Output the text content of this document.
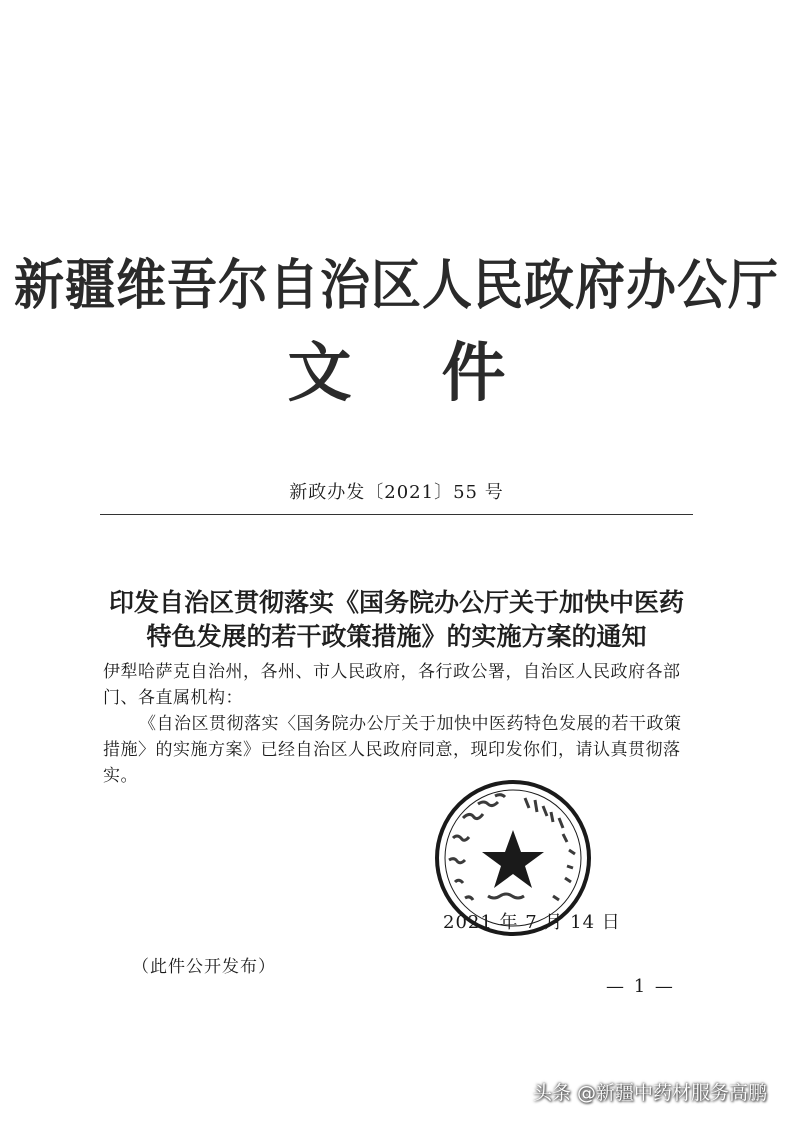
新疆维吾尔自治区人民政府办公厅
文 件
新政办发〔2021〕55 号
印发自治区贯彻落实《国务院办公厅关于加快中医药
特色发展的若干政策措施》的实施方案的通知

伊犁哈萨克自治州，各州、市人民政府，各行政公署，自治区人民政府各部门、各直属机构：

《自治区贯彻落实〈国务院办公厅关于加快中医药特色发展的若干政策措施〉的实施方案》已经自治区人民政府同意，现印发你们，请认真贯彻落实。

2021 年 7 月 14 日
（此件公开发布）
— 1 —
头条 @新疆中药材服务高鹏
